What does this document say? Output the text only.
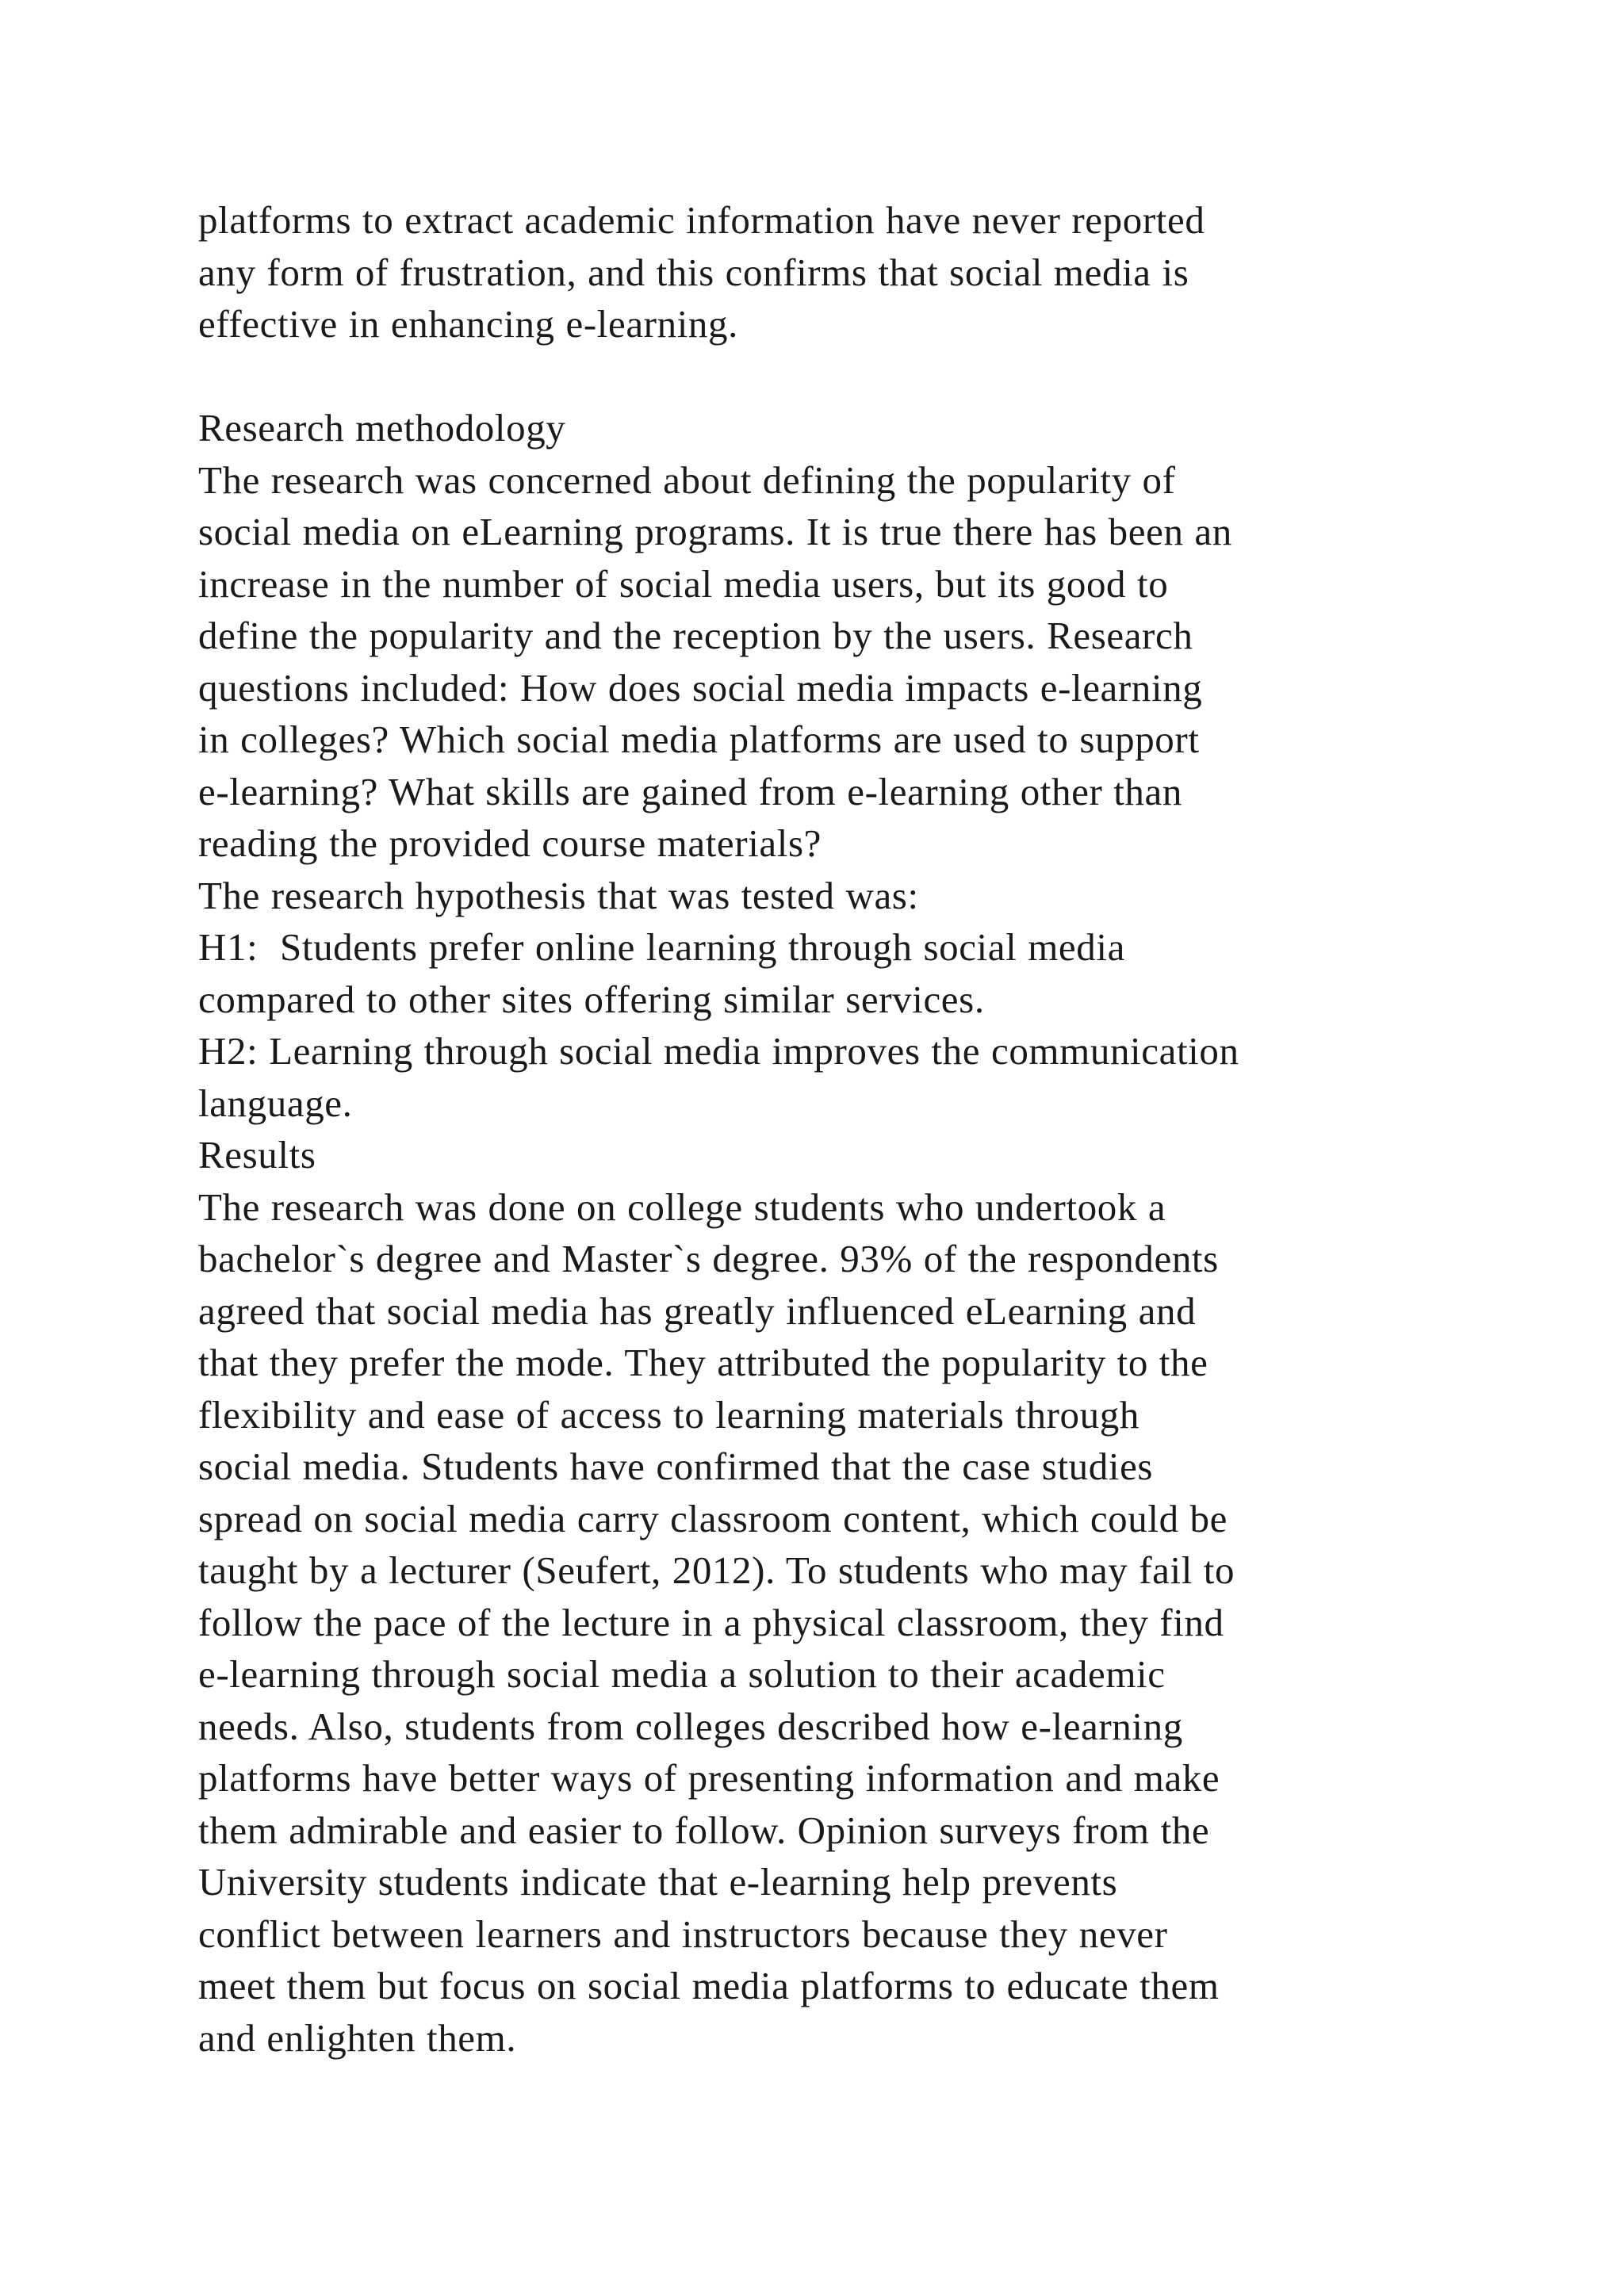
platforms to extract academic information have never reported
any form of frustration, and this confirms that social media is
effective in enhancing e-learning.
Research methodology
The research was concerned about defining the popularity of
social media on eLearning programs. It is true there has been an
increase in the number of social media users, but its good to
define the popularity and the reception by the users. Research
questions included: How does social media impacts e-learning
in colleges? Which social media platforms are used to support
e-learning? What skills are gained from e-learning other than
reading the provided course materials?
The research hypothesis that was tested was:
H1:  Students prefer online learning through social media
compared to other sites offering similar services.
H2: Learning through social media improves the communication
language.
Results
The research was done on college students who undertook a
bachelor`s degree and Master`s degree. 93% of the respondents
agreed that social media has greatly influenced eLearning and
that they prefer the mode. They attributed the popularity to the
flexibility and ease of access to learning materials through
social media. Students have confirmed that the case studies
spread on social media carry classroom content, which could be
taught by a lecturer (Seufert, 2012). To students who may fail to
follow the pace of the lecture in a physical classroom, they find
e-learning through social media a solution to their academic
needs. Also, students from colleges described how e-learning
platforms have better ways of presenting information and make
them admirable and easier to follow. Opinion surveys from the
University students indicate that e-learning help prevents
conflict between learners and instructors because they never
meet them but focus on social media platforms to educate them
and enlighten them.
